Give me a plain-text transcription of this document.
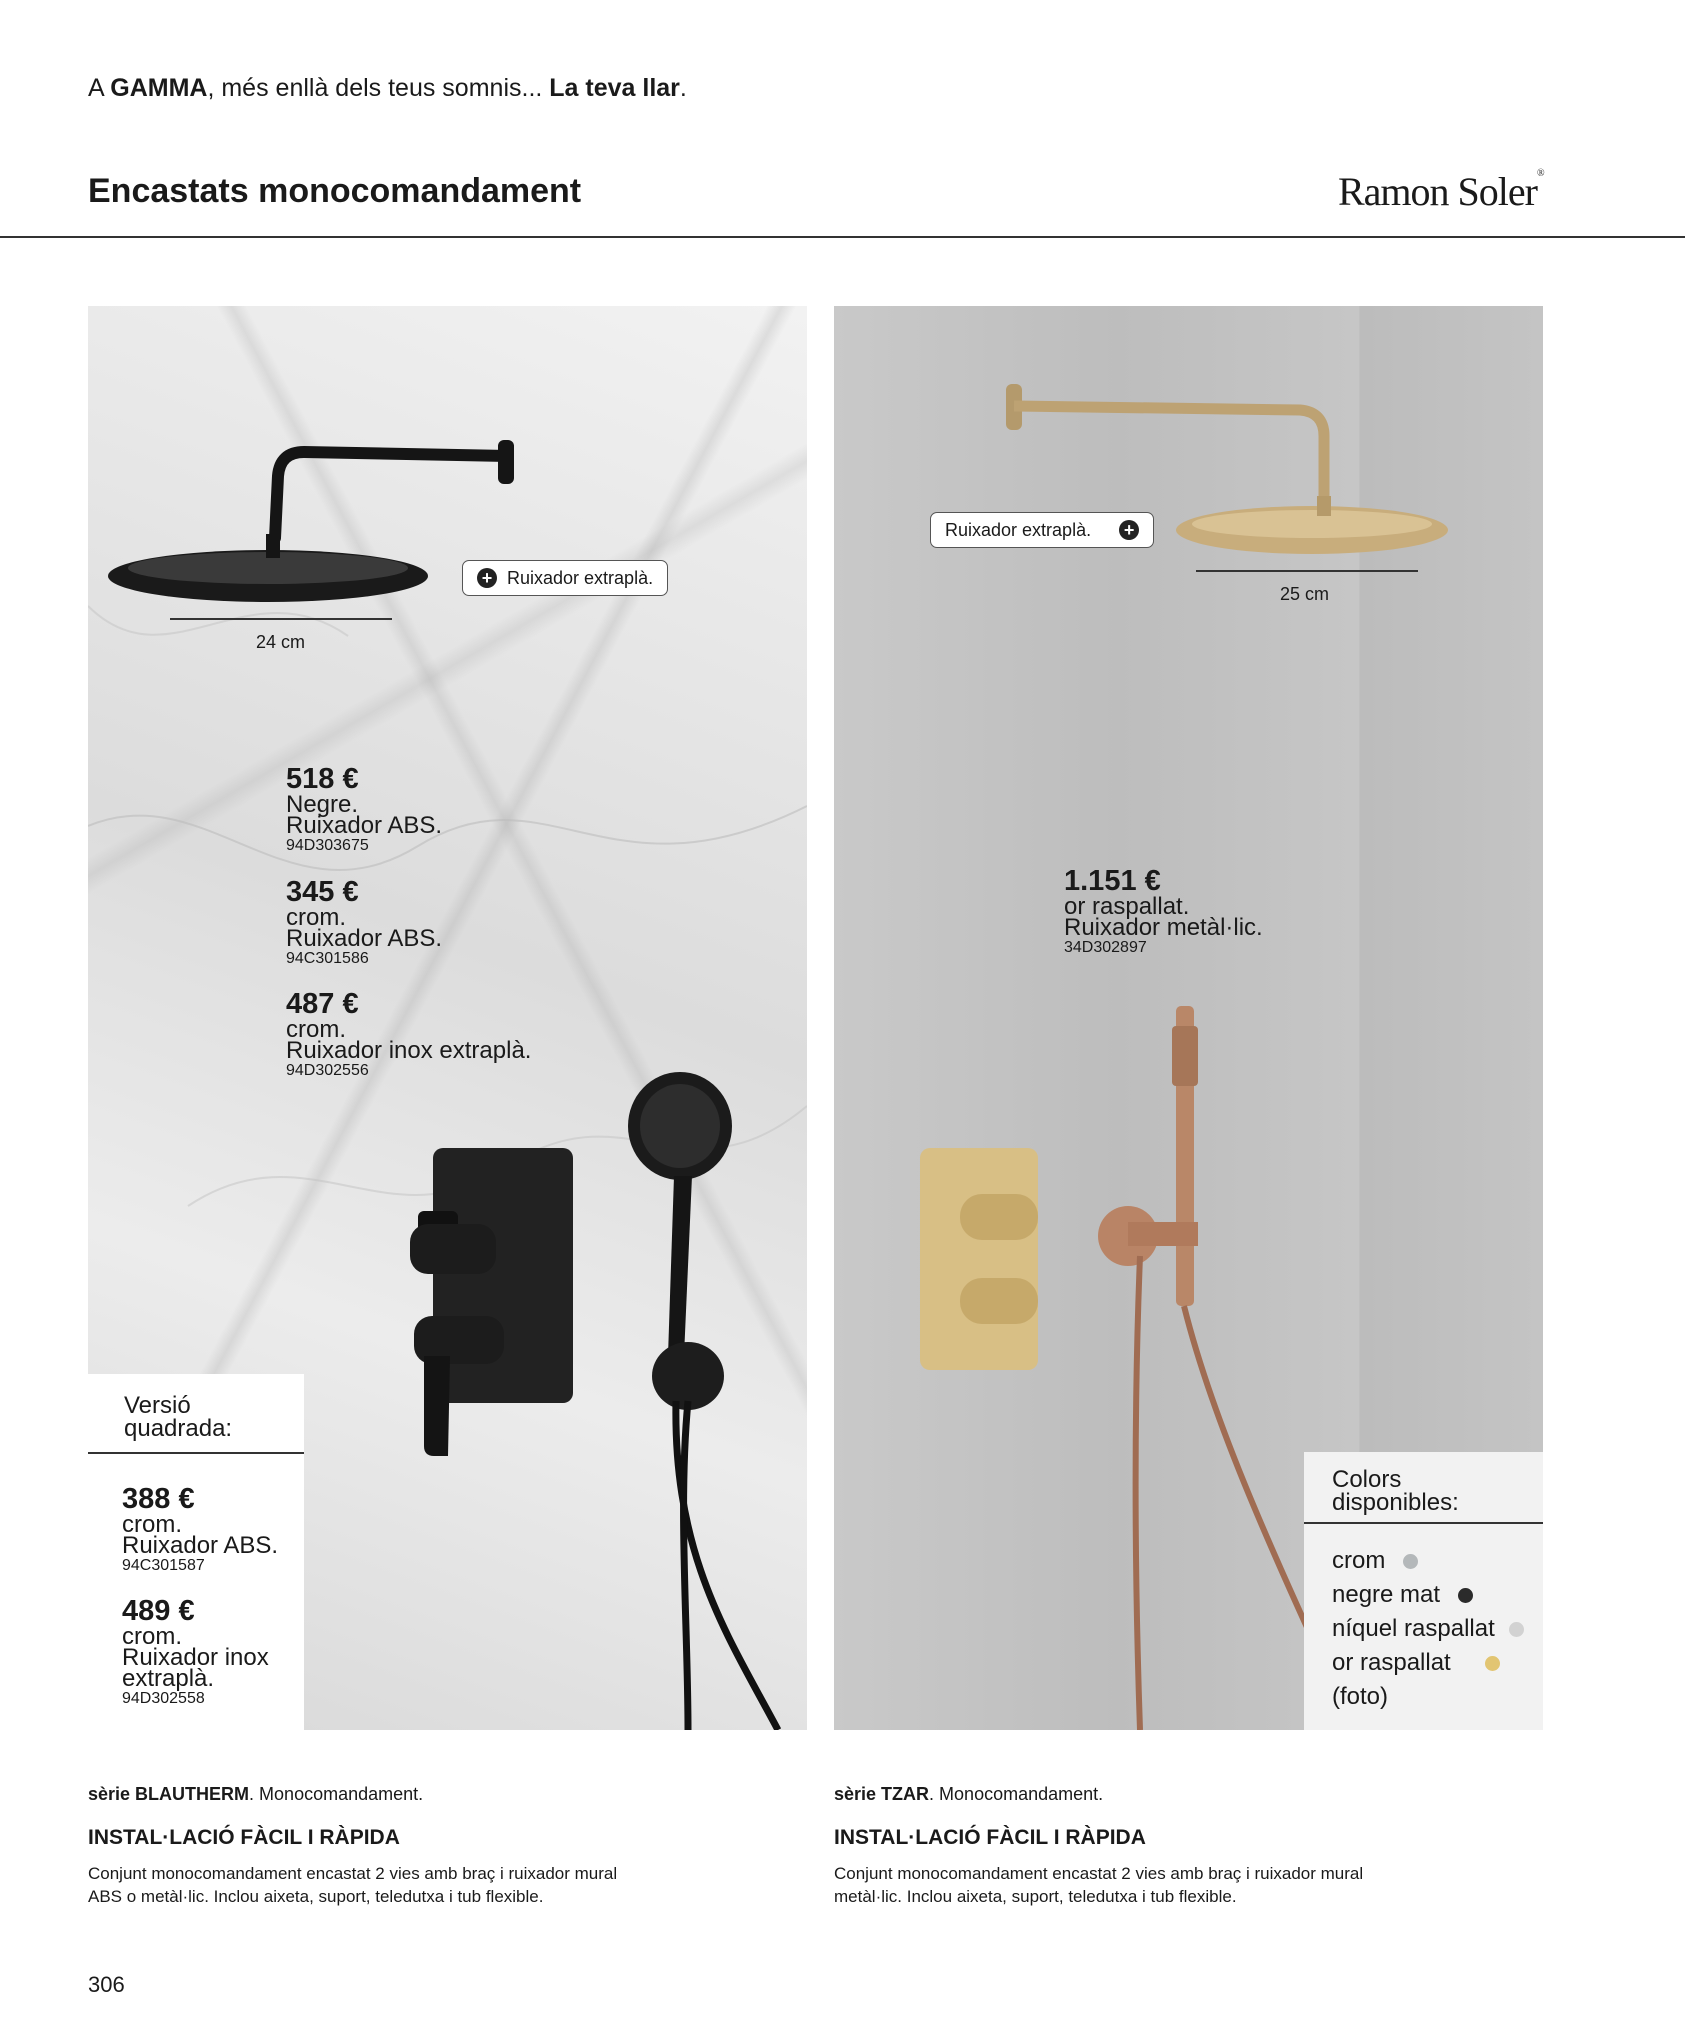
A GAMMA, més enllà dels teus somnis... La teva llar.
Encastats monocomandament	Ramon Soler®
+ Ruixador extraplà.
24 cm
518 €
Negre.
Ruixador ABS.
94D303675
345 €
crom.
Ruixador ABS.
94C301586
487 €
crom.
Ruixador inox extraplà.
94D302556
Versió
quadrada:
388 €
crom.
Ruixador ABS.
94C301587
489 €
crom.
Ruixador inox
extraplà.
94D302558
Ruixador extraplà. +
25 cm
1.151 €
or raspallat.
Ruixador metàl·lic.
34D302897
Colors
disponibles:
crom
negre mat
níquel raspallat
or raspallat
(foto)
sèrie BLAUTHERM. Monocomandament.
INSTAL·LACIÓ FÀCIL I RÀPIDA
Conjunt monocomandament encastat 2 vies amb braç i ruixador mural ABS o metàl·lic. Inclou aixeta, suport, teledutxa i tub flexible.
sèrie TZAR. Monocomandament.
INSTAL·LACIÓ FÀCIL I RÀPIDA
Conjunt monocomandament encastat 2 vies amb braç i ruixador mural metàl·lic. Inclou aixeta, suport, teledutxa i tub flexible.
306
